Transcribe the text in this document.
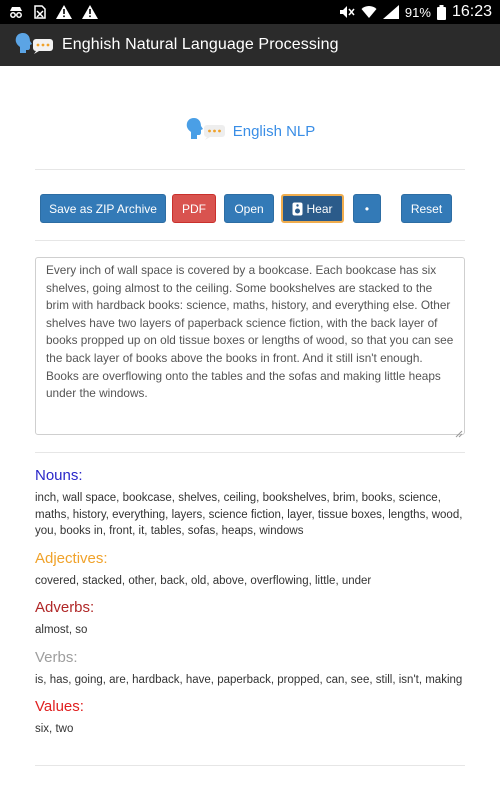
91% 16:23
Enghish Natural Language Processing
English NLP
Save as ZIP Archive	PDF	Open	Hear	•	Reset
Every inch of wall space is covered by a bookcase. Each bookcase has six shelves, going almost to the ceiling. Some bookshelves are stacked to the brim with hardback books: science, maths, history, and everything else. Other shelves have two layers of paperback science fiction, with the back layer of books propped up on old tissue boxes or lengths of wood, so that you can see the back layer of books above the books in front. And it still isn't enough. Books are overflowing onto the tables and the sofas and making little heaps under the windows.
Nouns:
inch, wall space, bookcase, shelves, ceiling, bookshelves, brim, books, science, maths, history, everything, layers, science fiction, layer, tissue boxes, lengths, wood, you, books in, front, it, tables, sofas, heaps, windows
Adjectives:
covered, stacked, other, back, old, above, overflowing, little, under
Adverbs:
almost, so
Verbs:
is, has, going, are, hardback, have, paperback, propped, can, see, still, isn't, making
Values:
six, two
